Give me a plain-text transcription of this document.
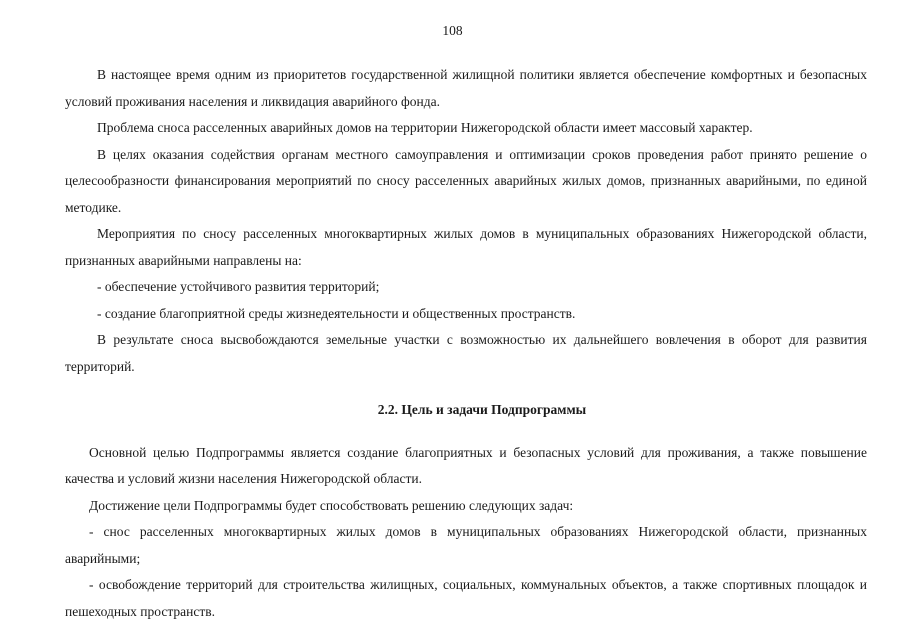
108

В настоящее время одним из приоритетов государственной жилищной политики является обеспечение комфортных и безопасных условий проживания населения и ликвидация аварийного фонда.

Проблема сноса расселенных аварийных домов на территории Нижегородской области имеет массовый характер.

В целях оказания содействия органам местного самоуправления и оптимизации сроков проведения работ принято решение о целесообразности финансирования мероприятий по сносу расселенных аварийных жилых домов, признанных аварийными, по единой методике.

Мероприятия по сносу расселенных многоквартирных жилых домов в муниципальных образованиях Нижегородской области, признанных аварийными направлены на:

- обеспечение устойчивого развития территорий;

- создание благоприятной среды жизнедеятельности и общественных пространств.

В результате сноса высвобождаются земельные участки с возможностью их дальнейшего вовлечения в оборот для развития территорий.

2.2. Цель и задачи Подпрограммы

Основной целью Подпрограммы является создание благоприятных и безопасных условий для проживания, а также повышение качества и условий жизни населения Нижегородской области.

Достижение цели Подпрограммы будет способствовать решению следующих задач:

- снос расселенных многоквартирных жилых домов в муниципальных образованиях Нижегородской области, признанных аварийными;

- освобождение территорий для строительства жилищных, социальных, коммунальных объектов, а также спортивных площадок и пешеходных пространств.
